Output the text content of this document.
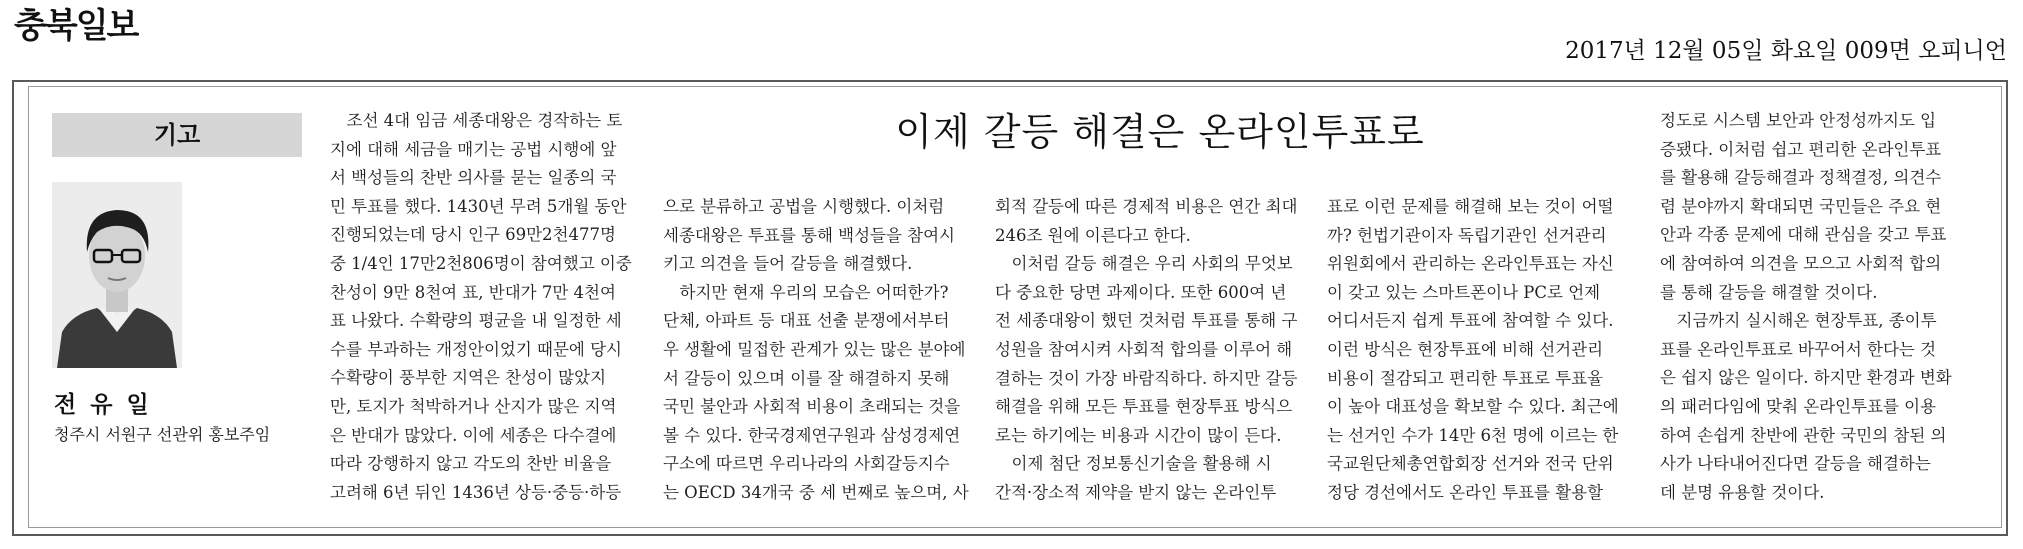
충북일보
2017년 12월 05일 화요일 009면 오피니언
기고
전 유 일
청주시 서원구 선관위 홍보주임
이제 갈등 해결은 온라인투표로
조선 4대 임금 세종대왕은 경작하는 토
지에 대해 세금을 매기는 공법 시행에 앞
서 백성들의 찬반 의사를 묻는 일종의 국
민 투표를 했다. 1430년 무려 5개월 동안
진행되었는데 당시 인구 69만2천477명
중 1/4인 17만2천806명이 참여했고 이중
찬성이 9만 8천여 표, 반대가 7만 4천여
표 나왔다. 수확량의 평균을 내 일정한 세
수를 부과하는 개정안이었기 때문에 당시
수확량이 풍부한 지역은 찬성이 많았지
만, 토지가 척박하거나 산지가 많은 지역
은 반대가 많았다. 이에 세종은 다수결에
따라 강행하지 않고 각도의 찬반 비율을
고려해 6년 뒤인 1436년 상등·중등·하등
으로 분류하고 공법을 시행했다. 이처럼
세종대왕은 투표를 통해 백성들을 참여시
키고 의견을 들어 갈등을 해결했다.
하지만 현재 우리의 모습은 어떠한가?
단체, 아파트 등 대표 선출 분쟁에서부터
우 생활에 밀접한 관계가 있는 많은 분야에
서 갈등이 있으며 이를 잘 해결하지 못해
국민 불안과 사회적 비용이 초래되는 것을
볼 수 있다. 한국경제연구원과 삼성경제연
구소에 따르면 우리나라의 사회갈등지수
는 OECD 34개국 중 세 번째로 높으며, 사
회적 갈등에 따른 경제적 비용은 연간 최대
246조 원에 이른다고 한다.
이처럼 갈등 해결은 우리 사회의 무엇보
다 중요한 당면 과제이다. 또한 600여 년
전 세종대왕이 했던 것처럼 투표를 통해 구
성원을 참여시켜 사회적 합의를 이루어 해
결하는 것이 가장 바람직하다. 하지만 갈등
해결을 위해 모든 투표를 현장투표 방식으
로는 하기에는 비용과 시간이 많이 든다.
이제 첨단 정보통신기술을 활용해 시
간적·장소적 제약을 받지 않는 온라인투
표로 이런 문제를 해결해 보는 것이 어떨
까? 헌법기관이자 독립기관인 선거관리
위원회에서 관리하는 온라인투표는 자신
이 갖고 있는 스마트폰이나 PC로 언제
어디서든지 쉽게 투표에 참여할 수 있다.
이런 방식은 현장투표에 비해 선거관리
비용이 절감되고 편리한 투표로 투표율
이 높아 대표성을 확보할 수 있다. 최근에
는 선거인 수가 14만 6천 명에 이르는 한
국교원단체총연합회장 선거와 전국 단위
정당 경선에서도 온라인 투표를 활용할
정도로 시스템 보안과 안정성까지도 입
증됐다. 이처럼 쉽고 편리한 온라인투표
를 활용해 갈등해결과 정책결정, 의견수
렴 분야까지 확대되면 국민들은 주요 현
안과 각종 문제에 대해 관심을 갖고 투표
에 참여하여 의견을 모으고 사회적 합의
를 통해 갈등을 해결할 것이다.
지금까지 실시해온 현장투표, 종이투
표를 온라인투표로 바꾸어서 한다는 것
은 쉽지 않은 일이다. 하지만 환경과 변화
의 패러다임에 맞춰 온라인투표를 이용
하여 손쉽게 찬반에 관한 국민의 참된 의
사가 나타내어진다면 갈등을 해결하는
데 분명 유용할 것이다.
